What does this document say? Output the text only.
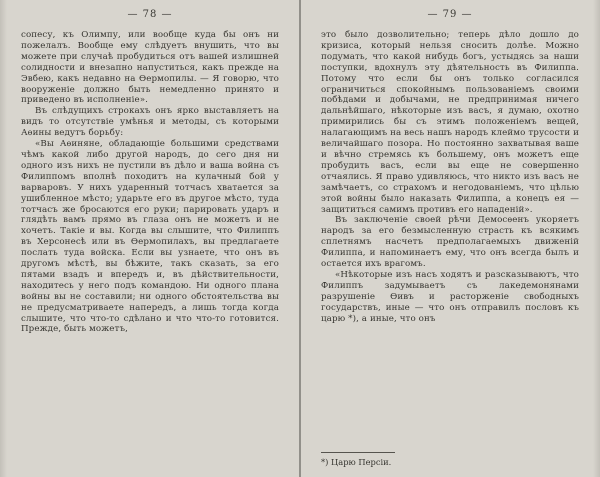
— 78 —

сопесу, къ Олимпу, или вообще куда бы онъ ни пожелалъ. Вообще ему слѣдуетъ внушить, что вы можете при случаѣ пробудиться отъ вашей излишней солидности и внезапно напуститься, какъ прежде на Эвбею, какъ недавно на Ѳермопилы. — Я говорю, что вооруженіе должно быть немедленно принято и приведено въ исполненіе».

Въ слѣдущихъ строкахъ онъ ярко выставляетъ на видъ то отсутствіе умѣнья и методы, съ которыми Аѳины ведутъ борьбу:

«Вы Аѳиняне, обладающіе большими средствами чѣмъ какой либо другой народъ, до сего дня ни одного изъ нихъ не пустили въ дѣло и ваша война съ Филиппомъ вполнѣ походитъ на кулачный бой у варваровъ. У нихъ ударенный тотчасъ хватается за ушибленное мѣсто; ударьте его въ другое мѣсто, туда тотчасъ же бросаются его руки; парировать ударъ и глядѣть вамъ прямо въ глаза онъ не можетъ и не хочетъ. Такіе и вы. Когда вы слышите, что Филиппъ въ Херсонесѣ или въ Ѳермопилахъ, вы предлагаете послать туда войска. Если вы узнаете, что онъ въ другомъ мѣстѣ, вы бѣжите, такъ сказать, за его пятами взадъ и впередъ и, въ дѣйствительности, находитесь у него подъ командою. Ни одного плана войны вы не составили; ни одного обстоятельства вы не предусматриваете напередъ, а лишь тогда когда слышите, что что-то сдѣлано и что что-то готовится. Прежде, быть можетъ,

— 79 —

это было дозволительно; теперь дѣло дошло до кризиса, который нельзя сносить долѣе. Можно подумать, что какой нибудь богъ, устыдясь за наши поступки, вдохнулъ эту дѣятельность въ Филиппа. Потому что если бы онъ только согласился ограничиться спокойнымъ пользованіемъ своими побѣдами и добычами, не предпринимая ничего дальнѣйшаго, нѣкоторые изъ васъ, я думаю, охотно примирились бы съ этимъ положеніемъ вещей, налагающимъ на весь нашъ народъ клеймо трусости и величайшаго позора. Но постоянно захватывая ваше и вѣчно стремясь къ большему, онъ можетъ еще пробудить васъ, если вы еще не совершенно отчаялись. Я право удивляюсь, что никто изъ васъ не замѣчаетъ, со страхомъ и негодованіемъ, что цѣлью этой войны было наказать Филиппа, а конецъ ея — защититься самимъ противъ его нападеній».

Въ заключеніе своей рѣчи Демосѳенъ укоряетъ народъ за его безмысленную страсть къ всякимъ сплетнямъ насчетъ предполагаемыхъ движеній Филиппа, и напоминаетъ ему, что онъ всегда былъ и остается ихъ врагомъ.

«Нѣкоторые изъ насъ ходятъ и разсказываютъ, что Филиппъ задумываетъ съ лакедемонянами разрушеніе Ѳивъ и расторженіе свободныхъ государствъ, иные — что онъ отправилъ пословъ къ царю *), а иные, что онъ

*) Царю Персіи.
